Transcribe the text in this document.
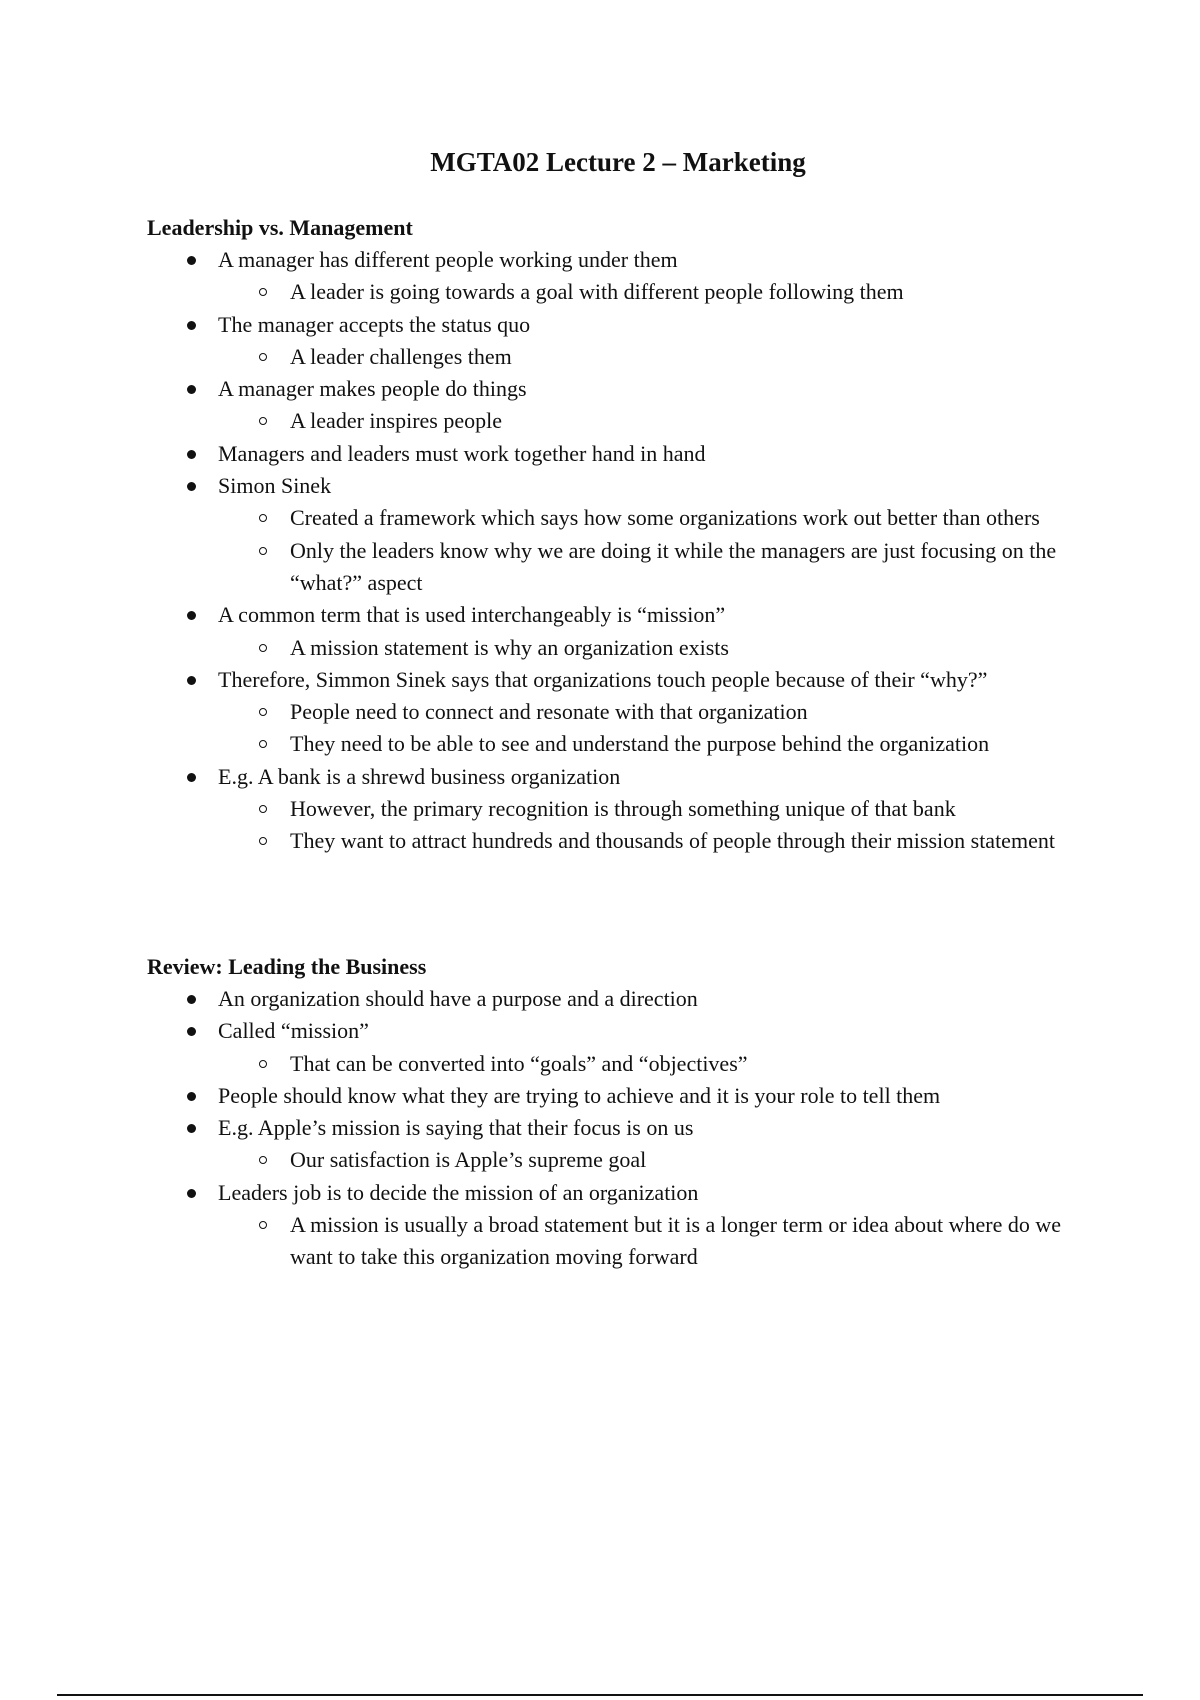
MGTA02 Lecture 2 – Marketing
Leadership vs. Management
A manager has different people working under them
A leader is going towards a goal with different people following them
The manager accepts the status quo
A leader challenges them
A manager makes people do things
A leader inspires people
Managers and leaders must work together hand in hand
Simon Sinek
Created a framework which says how some organizations work out better than others
Only the leaders know why we are doing it while the managers are just focusing on the “what?” aspect
A common term that is used interchangeably is “mission”
A mission statement is why an organization exists
Therefore, Simmon Sinek says that organizations touch people because of their “why?”
People need to connect and resonate with that organization
They need to be able to see and understand the purpose behind the organization
E.g. A bank is a shrewd business organization
However, the primary recognition is through something unique of that bank
They want to attract hundreds and thousands of people through their mission statement
Review: Leading the Business
An organization should have a purpose and a direction
Called “mission”
That can be converted into “goals” and “objectives”
People should know what they are trying to achieve and it is your role to tell them
E.g. Apple’s mission is saying that their focus is on us
Our satisfaction is Apple’s supreme goal
Leaders job is to decide the mission of an organization
A mission is usually a broad statement but it is a longer term or idea about where do we want to take this organization moving forward
